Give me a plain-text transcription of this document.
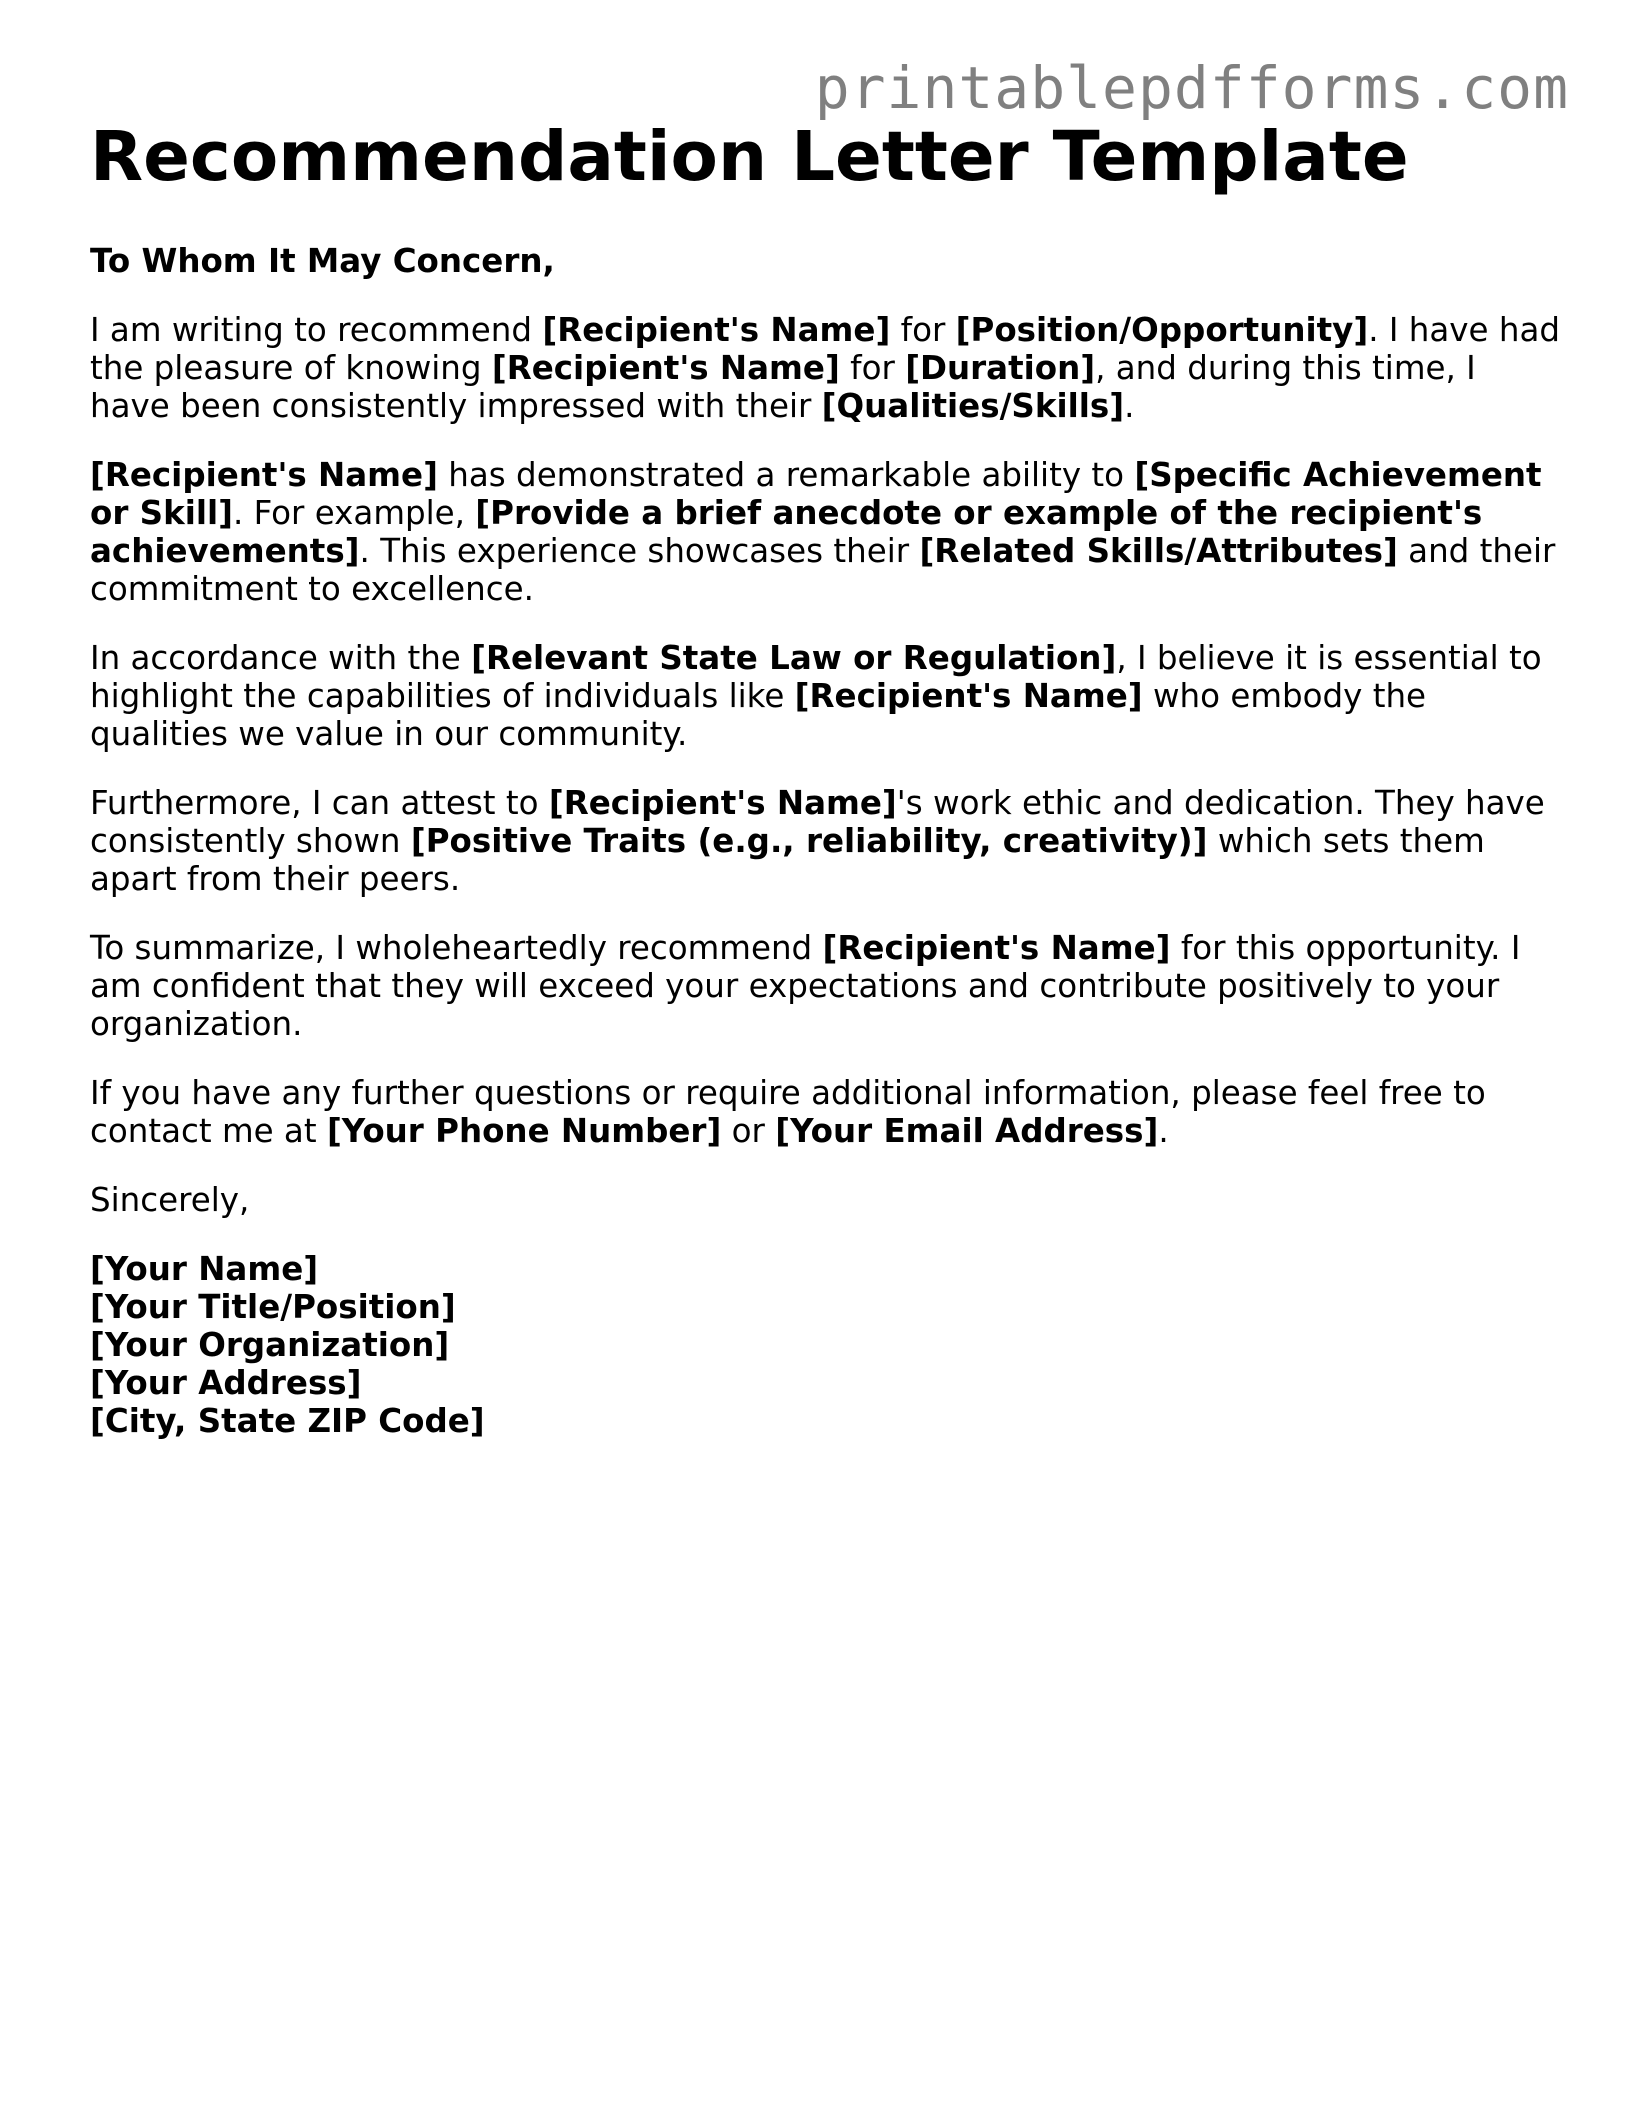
printablepdfforms.com
Recommendation Letter Template
To Whom It May Concern,

I am writing to recommend [Recipient's Name] for [Position/Opportunity]. I have had the pleasure of knowing [Recipient's Name] for [Duration], and during this time, I have been consistently impressed with their [Qualities/Skills].

[Recipient's Name] has demonstrated a remarkable ability to [Specific Achievement or Skill]. For example, [Provide a brief anecdote or example of the recipient's achievements]. This experience showcases their [Related Skills/Attributes] and their commitment to excellence.

In accordance with the [Relevant State Law or Regulation], I believe it is essential to highlight the capabilities of individuals like [Recipient's Name] who embody the qualities we value in our community.

Furthermore, I can attest to [Recipient's Name]'s work ethic and dedication. They have consistently shown [Positive Traits (e.g., reliability, creativity)] which sets them apart from their peers.

To summarize, I wholeheartedly recommend [Recipient's Name] for this opportunity. I am confident that they will exceed your expectations and contribute positively to your organization.

If you have any further questions or require additional information, please feel free to contact me at [Your Phone Number] or [Your Email Address].

Sincerely,
[Your Name]
[Your Title/Position]
[Your Organization]
[Your Address]
[City, State ZIP Code]
